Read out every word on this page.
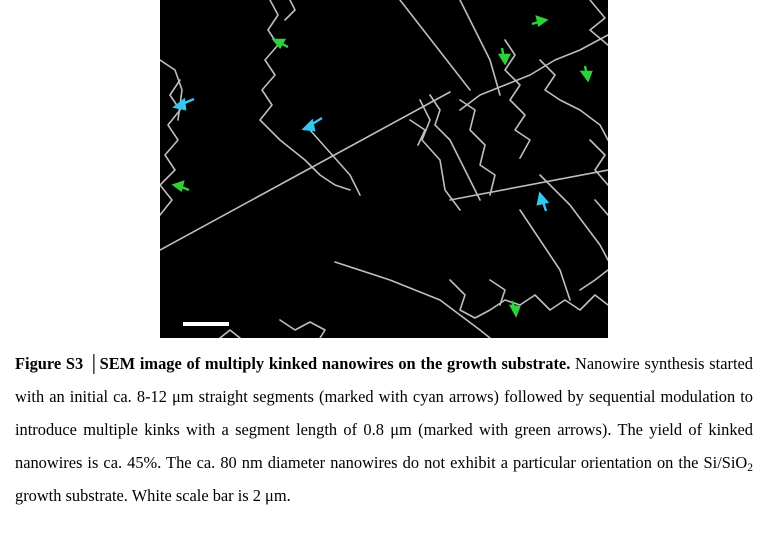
Figure S3 │SEM image of multiply kinked nanowires on the growth substrate. Nanowire synthesis started with an initial ca. 8-12 μm straight segments (marked with cyan arrows) followed by sequential modulation to introduce multiple kinks with a segment length of 0.8 μm (marked with green arrows). The yield of kinked nanowires is ca. 45%. The ca. 80 nm diameter nanowires do not exhibit a particular orientation on the Si/SiO$_2$ growth substrate. White scale bar is 2 μm.
